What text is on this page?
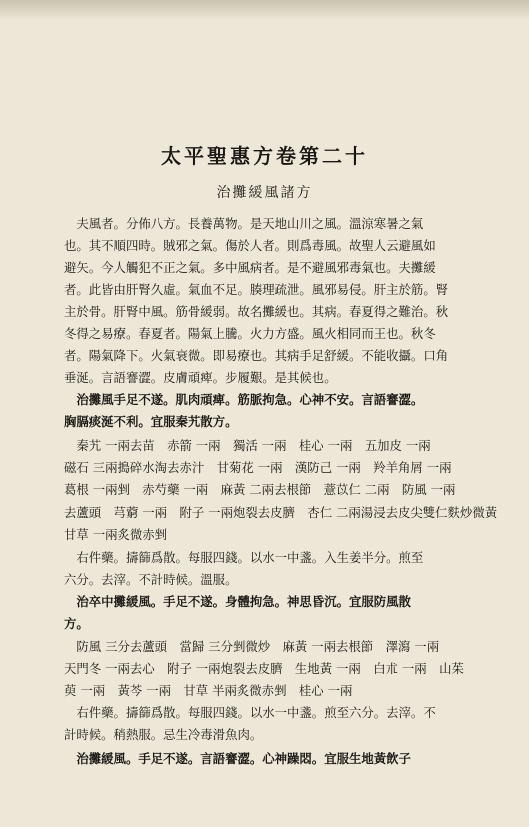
太平聖惠方卷第二十
治攤緩風諸方
　夫風者。分佈八方。長養萬物。是天地山川之風。溫涼寒暑之氣
也。其不順四時。賊邪之氣。傷於人者。則爲毒風。故聖人云避風如
避矢。今人觸犯不正之氣。多中風病者。是不避風邪毒氣也。夫攤緩
者。此皆由肝腎久虛。氣血不足。腠理疏泄。風邪易侵。肝主於筋。腎
主於骨。肝腎中風。筋骨緩弱。故名攤緩也。其病。春夏得之難治。秋
冬得之易療。春夏者。陽氣上騰。火力方盛。風火相同而王也。秋冬
者。陽氣降下。火氣衰微。即易療也。其病手足舒緩。不能收攝。口角
垂涎。言語謇澀。皮膚頑痺。步履艱。是其候也。
　治攤風手足不遂。肌肉頑痺。筋脈拘急。心神不安。言語謇澀。
胸膈痰涎不利。宜服秦艽散方。
　秦艽 一兩去苗　赤箭 一兩　獨活 一兩　桂心 一兩　五加皮 一兩
磁石 三兩搗碎水淘去赤汁　甘菊花 一兩　漢防己 一兩　羚羊角屑 一兩
葛根 一兩剉　赤芍藥 一兩　麻黃 二兩去根節　薏苡仁 二兩　防風 一兩
去蘆頭　芎藭 一兩　附子 一兩炮裂去皮臍　杏仁 二兩湯浸去皮尖雙仁麩炒微黃
甘草 一兩炙微赤剉
　右件藥。擣篩爲散。每服四錢。以水一中盞。入生姜半分。煎至
六分。去滓。不計時候。溫服。
　治卒中攤緩風。手足不遂。身體拘急。神思昏沉。宜服防風散
方。
　防風 三分去蘆頭　當歸 三分剉微炒　麻黃 一兩去根節　澤瀉 一兩
天門冬 一兩去心　附子 一兩炮裂去皮臍　生地黃 一兩　白朮 一兩　山茱
萸 一兩　黃芩 一兩　甘草 半兩炙微赤剉　桂心 一兩
　右件藥。擣篩爲散。每服四錢。以水一中盞。煎至六分。去滓。不
計時候。稍熱服。忌生冷毒滑魚肉。
　治攤緩風。手足不遂。言語謇澀。心神躁悶。宜服生地黃飲子
